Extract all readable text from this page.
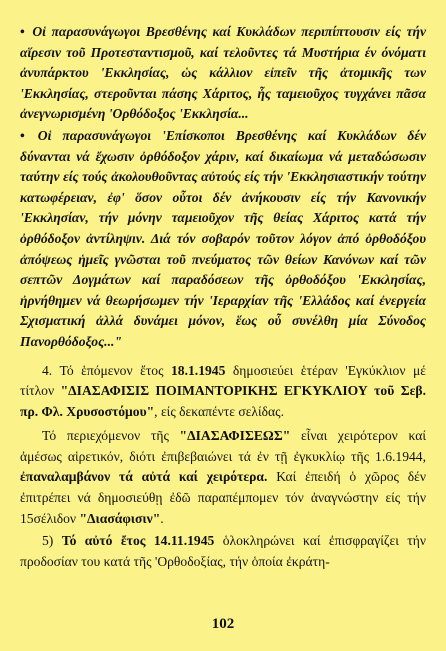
• Οἱ παρασυνάγωγοι Βρεσθένης καί Κυκλάδων περιπίπτουσιν είς τήν αἵρεσιν τοῦ Προτεσταντισμοῦ, καί τελοῦντες τά Μυστήρια έν όνόματι ἀνυπάρκτου 'Εκκλησίας, ὡς κάλλιον εἰπεῖν τῆς ἀτομικῆς των 'Εκκλησίας, στεροῦνται πάσης Χάριτος, ἧς ταμειοῦχος τυγχάνει πᾶσα ἀνεγνωρισμένη 'Ορθόδοξος 'Εκκλησία...

• Οἱ παρασυνάγωγοι 'Επίσκοποι Βρεσθένης καί Κυκλάδων δέν δύνανται νά ἔχωσιν ὀρθόδοξον χάριν, καί δικαίωμα νά μεταδώσωσιν ταύτην είς τούς ἀκολουθοῦντας αὐτούς είς τήν 'Εκκλησιαστικήν τούτην κατωφέρειαν, ἐφ' ὅσον οὗτοι δέν ἀνήκουσιν είς τήν Κανονικήν 'Εκκλησίαν, τήν μόνην ταμειοῦχον τῆς θείας Χάριτος κατά τήν ὀρθόδοξον ἀντίληψιν. Διά τόν σοβαρόν τοῦτον λόγον ἀπό ὀρθοδόξου ἀπόψεως ἡμεῖς γνῶσται τοῦ πνεύματος τῶν θείων Κανόνων καί τῶν σεπτῶν Δογμάτων καί παραδόσεων τῆς ὀρθοδόξου 'Εκκλησίας, ἠρνήθημεν νά θεωρήσωμεν τήν 'Ιεραρχίαν τῆς 'Ελλάδος καί ἐνεργεία Σχισματική ἀλλά δυνάμει μόνον, ἕως οὗ συνέλθη μία Σύνοδος Πανορθόδοξος..."

4. Τό ἑπόμενον ἔτος 18.1.1945 δημοσιεύει ἑτέραν 'Εγκύκλιον μέ τίτλον "ΔΙΑΣΑΦΙΣΙΣ ΠΟΙΜΑΝΤΟΡΙΚΗΣ ΕΓΚΥΚΛΙΟΥ τοῦ Σεβ. πρ. Φλ. Χρυσοστόμου", είς δεκαπέντε σελίδας.

Τό περιεχόμενον τῆς "ΔΙΑΣΑΦΙΣΕΩΣ" εἶναι χειρότερον καί ἀμέσως αἱρετικόν, διότι ἐπιβεβαιώνει τά ἐν τῇ ἐγκυκλίῳ τῆς 1.6.1944, ἐπαναλαμβάνον τά αὐτά καί χειρότερα. Καί ἐπειδή ὁ χῶρος δέν ἐπιτρέπει νά δημοσιεύθῃ ἐδῶ παραπέμπομεν τόν ἀναγνώστην είς τήν 15σέλιδον "Διασάφισιν".

5) Τό αὐτό ἔτος 14.11.1945 ὁλοκληρώνει καί ἐπισφραγίζει τήν προδοσίαν του κατά τῆς 'Ορθοδοξίας, τήν ὁποία ἐκράτη-

102
